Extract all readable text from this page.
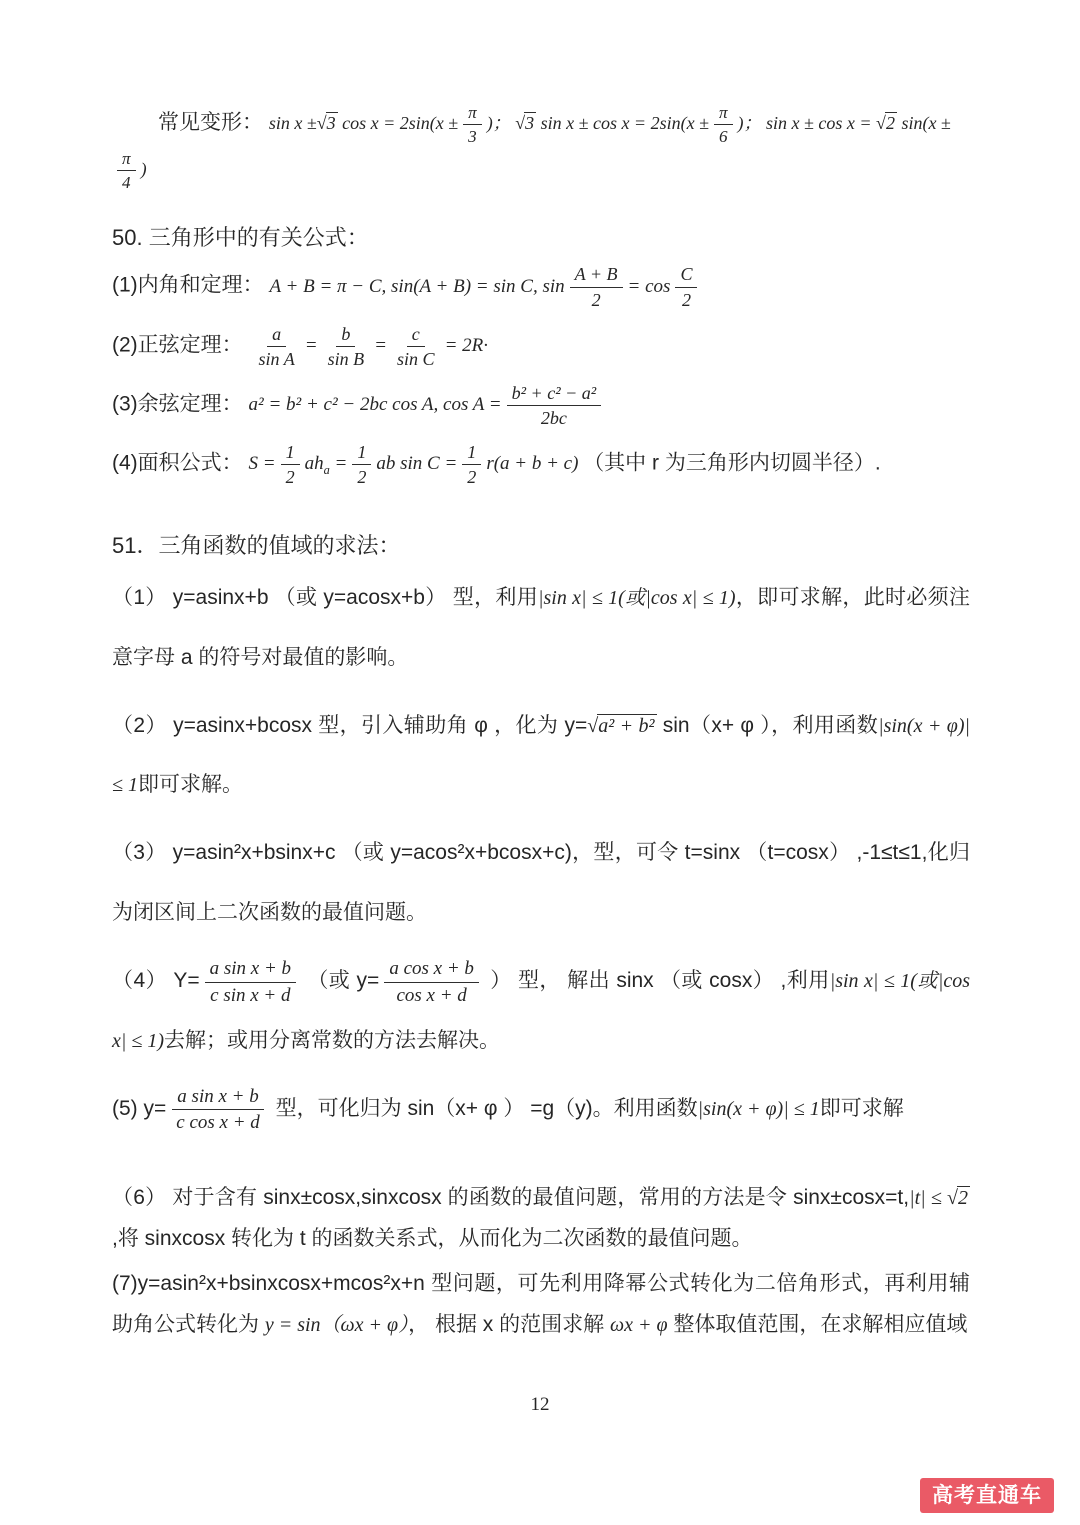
常见变形： sin x ±√3 $\cos x = 2\sin(x \pm \frac{\pi}{3}$ )； √3 $\sin x \pm \cos x = 2\sin(x \pm \frac{\pi}{6}$ )； sin x ± cos x = √2 sin(x ±
$\frac{\pi}{4}$ )

50. 三角形中的有关公式：

(1)内角和定理： A + B = π − C, sin(A + B) = sin C, $\sin \frac{A + B}{2} = \cos \frac{C}{2}$

(2)正弦定理： $\frac{a}{\text{sin A}} = \frac{b}{\text{sin B}} = \frac{c}{\text{sin C}} = 2R\cdot$

(3)余弦定理： a² = b² + c² − 2bc cos A, $\cos A = \frac{\text{b² + c² − a²}}{2bc}$

(4)面积公式： $S = \frac{1}{2} ah_a = \frac{1}{2}$ ab $\sin C = \frac{1}{2} r(a + b + c)$ （其中 r 为三角形内切圆半径）.

51．三角函数的值域的求法：

（1） y=asinx+b （或 y=acosx+b） 型，利用|sin x| ≤ 1(或|cos x| ≤ 1)，即可求解，此时必须注意字母 a 的符号对最值的影响。

（2） y=asinx+bcosx 型，引入辅助角 φ ，化为 y=√a² + b² sin（x+ φ ），利用函数|sin(x + φ)| ≤ 1即可求解。

（3） y=asin²x+bsinx+c （或 y=acos²x+bcosx+c)，型，可令 t=sinx （t=cosx） ,-1≤t≤1,化归为闭区间上二次函数的最值问题。

（4） $Y= \frac{\text{a sin x + b}}{\text{c sin x + d}}$ （或 $y= \frac{\text{a cos x + b}}{\text{cos x + d}}$ ） 型， 解出 sinx （或 cosx） ,利用|sin x| ≤ 1(或|cos x| ≤ 1)去解；或用分离常数的方法去解决。

(5) $y= \frac{\text{a sin x + b}}{\text{c cos x + d}}$ 型，可化归为 sin（x+ φ ） =g（y)。利用函数|sin(x + φ)| ≤ 1即可求解

（6） 对于含有 sinx±cosx,sinxcosx 的函数的最值问题，常用的方法是令 sinx±cosx=t,|t| ≤ √2 ,将 sinxcosx 转化为 t 的函数关系式，从而化为二次函数的最值问题。

(7)y=asin²x+bsinxcosx+mcos²x+n 型问题，可先利用降幂公式转化为二倍角形式，再利用辅助角公式转化为 y = sin（ωx + φ）， 根据 x 的范围求解 ωx + φ 整体取值范围，在求解相应值域

12
高考直通车
